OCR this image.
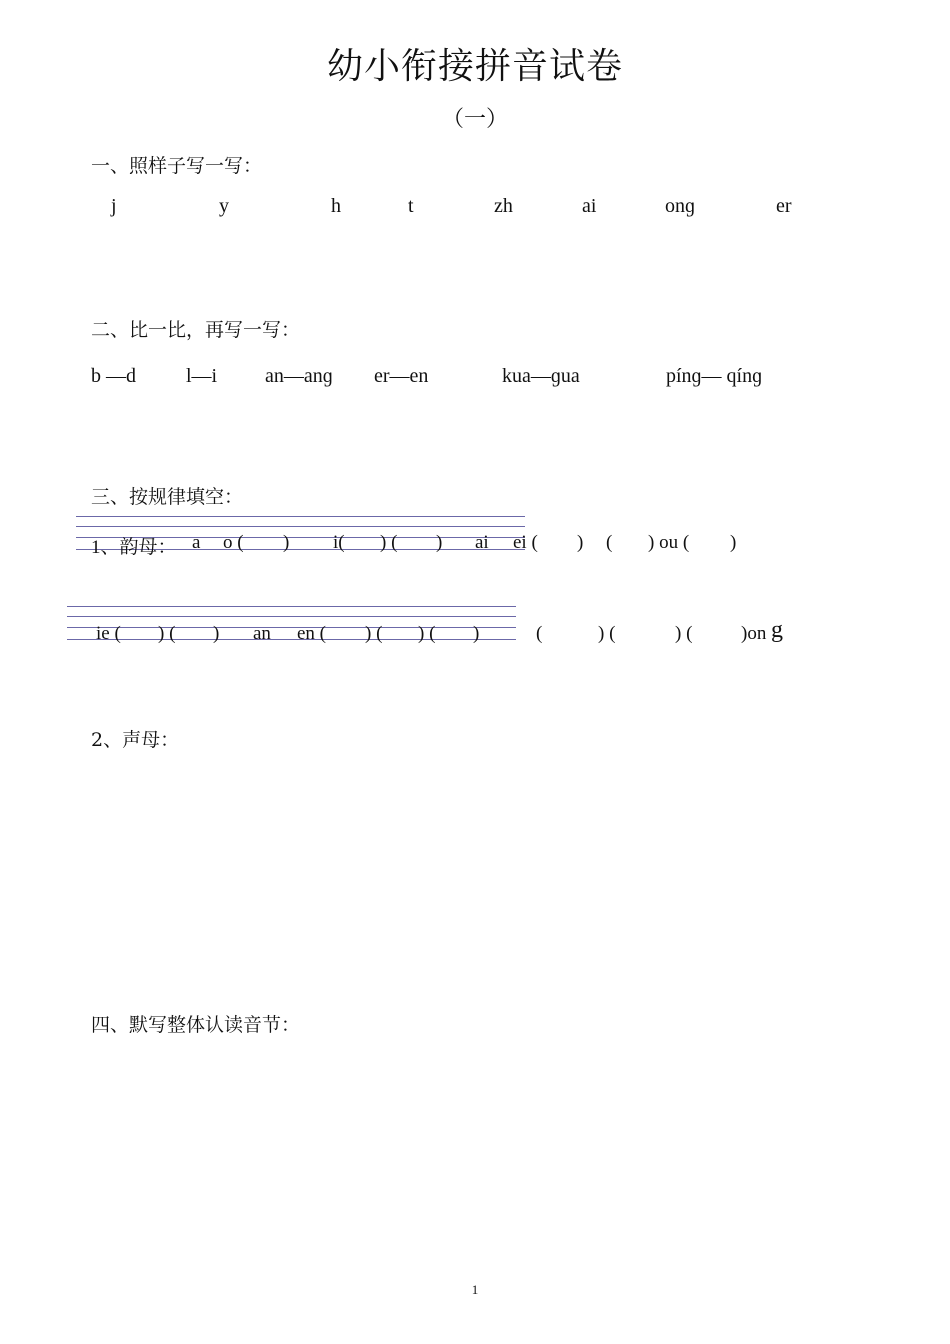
幼小衔接拼音试卷
（一）
一、照样子写一写：
j	y	h	t	zh	ai	onɡ	er
二、比一比，再写一写：
b —d	l—i an—anɡ er—en	kua—ɡua	pínɡ— qínɡ
三、按规律填空：
1、韵母： a o ( ) i( ) ( ) ai ei ( ) ( ) ou ( )
ie ( ) ( ) an en ( ) ( ) ( )	(	) (	) (	)on g
2、声母：
四、默写整体认读音节：
1
